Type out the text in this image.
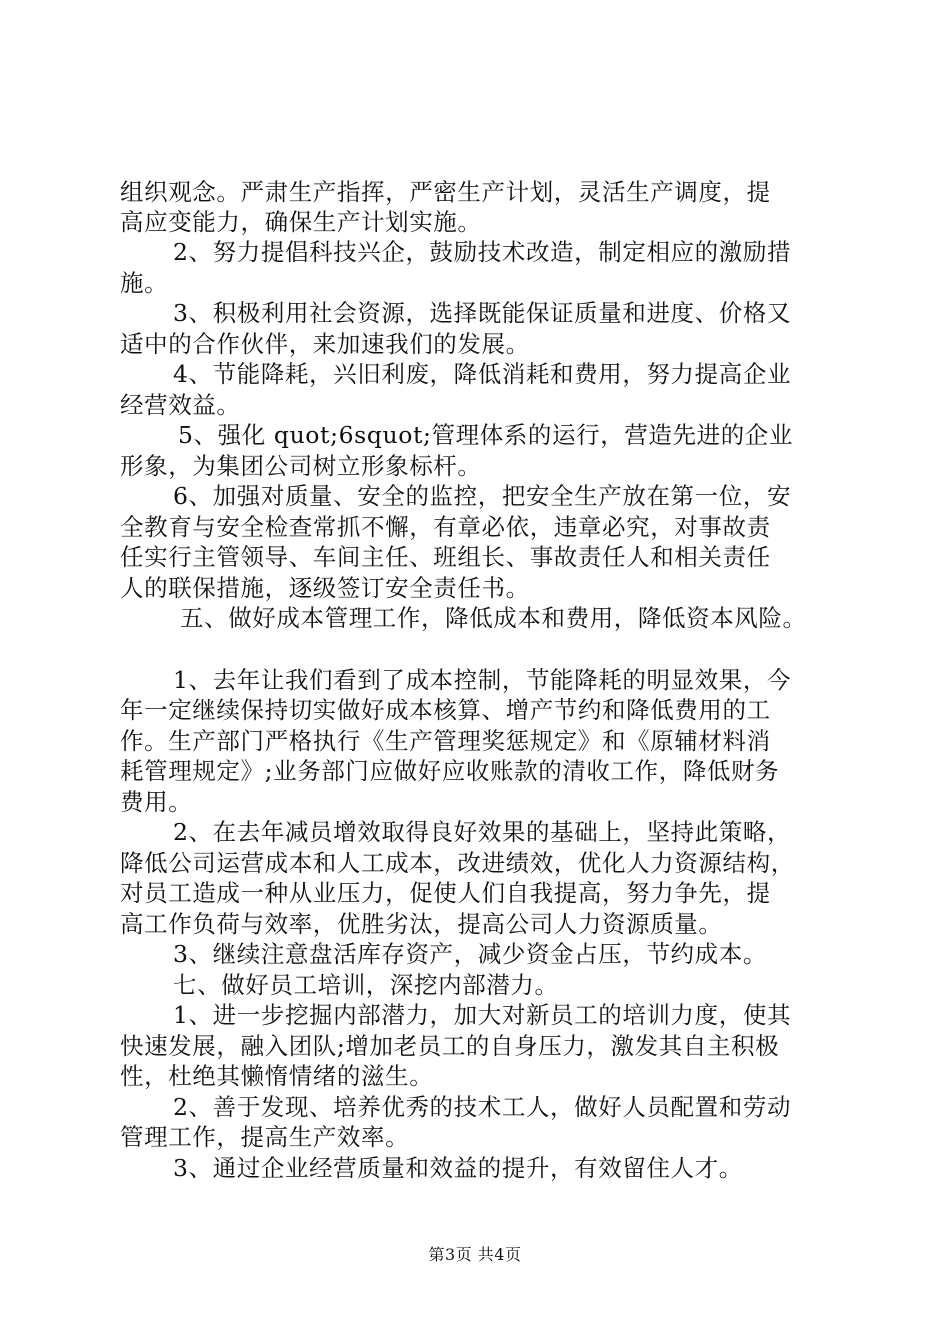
组织观念。严肃生产指挥，严密生产计划，灵活生产调度，提
高应变能力，确保生产计划实施。
2、努力提倡科技兴企，鼓励技术改造，制定相应的激励措
施。
3、积极利用社会资源，选择既能保证质量和进度、价格又
适中的合作伙伴，来加速我们的发展。
4、节能降耗，兴旧利废，降低消耗和费用，努力提高企业
经营效益。
5、强化 quot;6squot;管理体系的运行，营造先进的企业
形象，为集团公司树立形象标杆。
6、加强对质量、安全的监控，把安全生产放在第一位，安
全教育与安全检查常抓不懈，有章必依，违章必究，对事故责
任实行主管领导、车间主任、班组长、事故责任人和相关责任
人的联保措施，逐级签订安全责任书。
五、做好成本管理工作，降低成本和费用，降低资本风险。
1、去年让我们看到了成本控制，节能降耗的明显效果，今
年一定继续保持切实做好成本核算、增产节约和降低费用的工
作。生产部门严格执行《生产管理奖惩规定》和《原辅材料消
耗管理规定》;业务部门应做好应收账款的清收工作，降低财务
费用。
2、在去年减员增效取得良好效果的基础上，坚持此策略，
降低公司运营成本和人工成本，改进绩效，优化人力资源结构，
对员工造成一种从业压力，促使人们自我提高，努力争先，提
高工作负荷与效率，优胜劣汰，提高公司人力资源质量。
3、继续注意盘活库存资产，减少资金占压，节约成本。
七、做好员工培训，深挖内部潜力。
1、进一步挖掘内部潜力，加大对新员工的培训力度，使其
快速发展，融入团队;增加老员工的自身压力，激发其自主积极
性，杜绝其懒惰情绪的滋生。
2、善于发现、培养优秀的技术工人，做好人员配置和劳动
管理工作，提高生产效率。
3、通过企业经营质量和效益的提升，有效留住人才。
第3页 共4页
